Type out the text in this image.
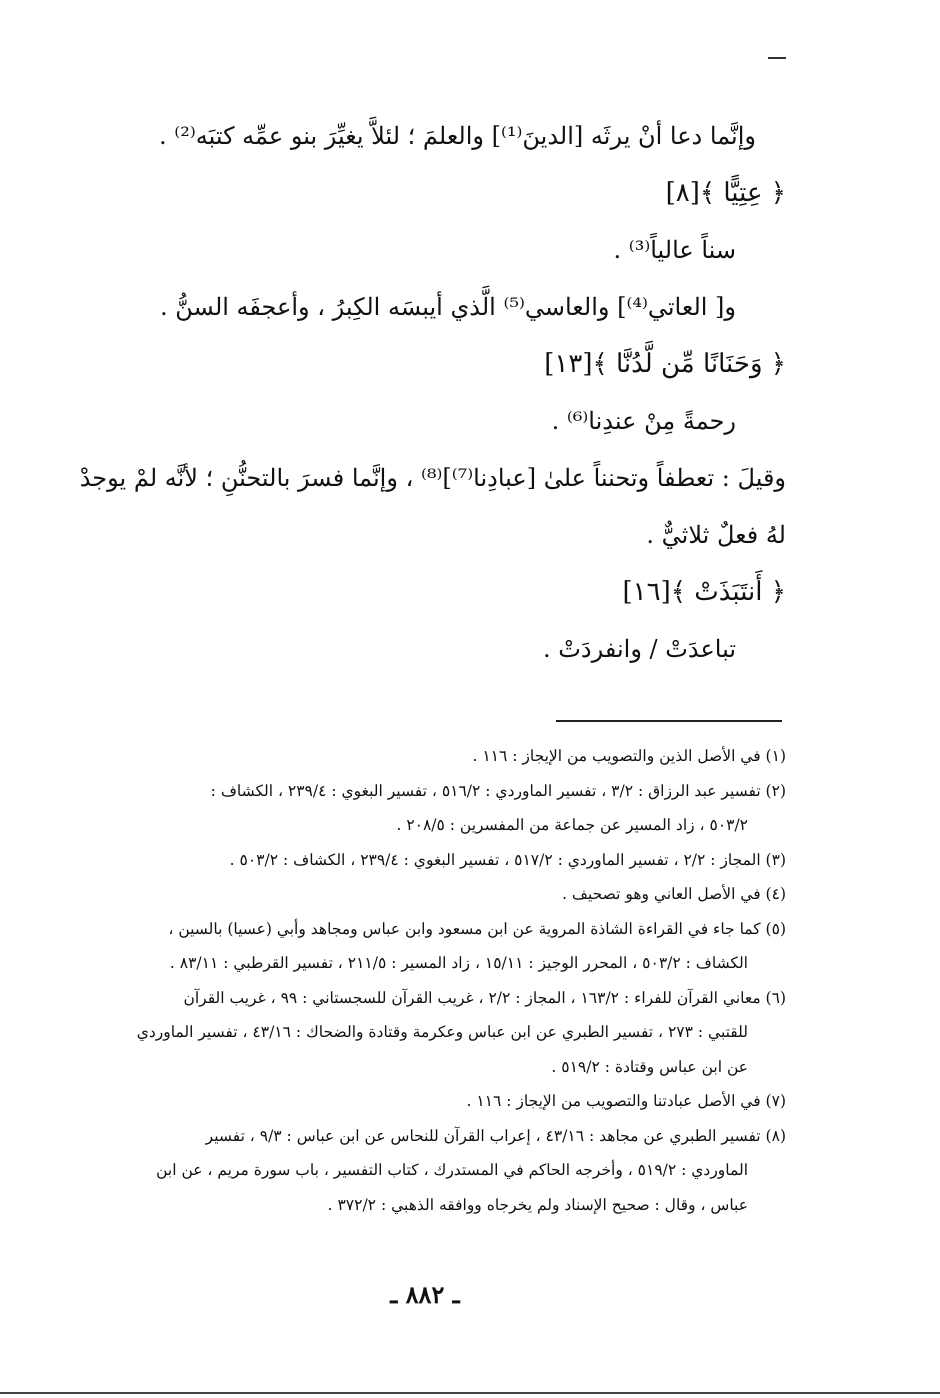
وإنَّما دعا أنْ يرثَه [الدينَ⁽¹⁾] والعلمَ ؛ لئلاَّ يغيِّرَ بنو عمِّه كتبَه⁽²⁾ .
﴿ عِتِيًّا ﴾[٨]
سناً عالياً⁽³⁾ .
و[ العاتي⁽⁴⁾] والعاسي⁽⁵⁾ الَّذي أيبسَه الكِبرُ ، وأعجفَه السنُّ .
﴿ وَحَنَانًا مِّن لَّدُنَّا ﴾[١٣]
رحمةً مِنْ عندِنا⁽⁶⁾ .
وقيلَ : تعطفاً وتحنناً علىٰ [عبادِنا⁽⁷⁾]⁽⁸⁾ ، وإنَّما فسرَ بالتحنُّنِ ؛ لأنَّه لمْ يوجدْ
لهُ فعلٌ ثلاثيٌّ .
﴿ أَنتَبَذَتْ ﴾[١٦]
تباعدَتْ / وانفردَتْ .
(١) في الأصل الذين والتصويب من الإيجاز : ١١٦ .
(٢) تفسير عبد الرزاق : ٣/٢ ، تفسير الماوردي : ٥١٦/٢ ، تفسير البغوي : ٢٣٩/٤ ، الكشاف :
٥٠٣/٢ ، زاد المسير عن جماعة من المفسرين : ٢٠٨/٥ .
(٣) المجاز : ٢/٢ ، تفسير الماوردي : ٥١٧/٢ ، تفسير البغوي : ٢٣٩/٤ ، الكشاف : ٥٠٣/٢ .
(٤) في الأصل العاني وهو تصحيف .
(٥) كما جاء في القراءة الشاذة المروية عن ابن مسعود وابن عباس ومجاهد وأبي (عسيا) بالسين ،
الكشاف : ٥٠٣/٢ ، المحرر الوجيز : ١٥/١١ ، زاد المسير : ٢١١/٥ ، تفسير القرطبي : ٨٣/١١ .
(٦) معاني القرآن للفراء : ١٦٣/٢ ، المجاز : ٢/٢ ، غريب القرآن للسجستاني : ٩٩ ، غريب القرآن
للقتبي : ٢٧٣ ، تفسير الطبري عن ابن عباس وعكرمة وقتادة والضحاك : ٤٣/١٦ ، تفسير الماوردي
عن ابن عباس وقتادة : ٥١٩/٢ .
(٧) في الأصل عبادتنا والتصويب من الإيجاز : ١١٦ .
(٨) تفسير الطبري عن مجاهد : ٤٣/١٦ ، إعراب القرآن للنحاس عن ابن عباس : ٩/٣ ، تفسير
الماوردي : ٥١٩/٢ ، وأخرجه الحاكم في المستدرك ، كتاب التفسير ، باب سورة مريم ، عن ابن
عباس ، وقال : صحيح الإسناد ولم يخرجاه ووافقه الذهبي : ٣٧٢/٢ .
ـ ٨٨٢ ـ
